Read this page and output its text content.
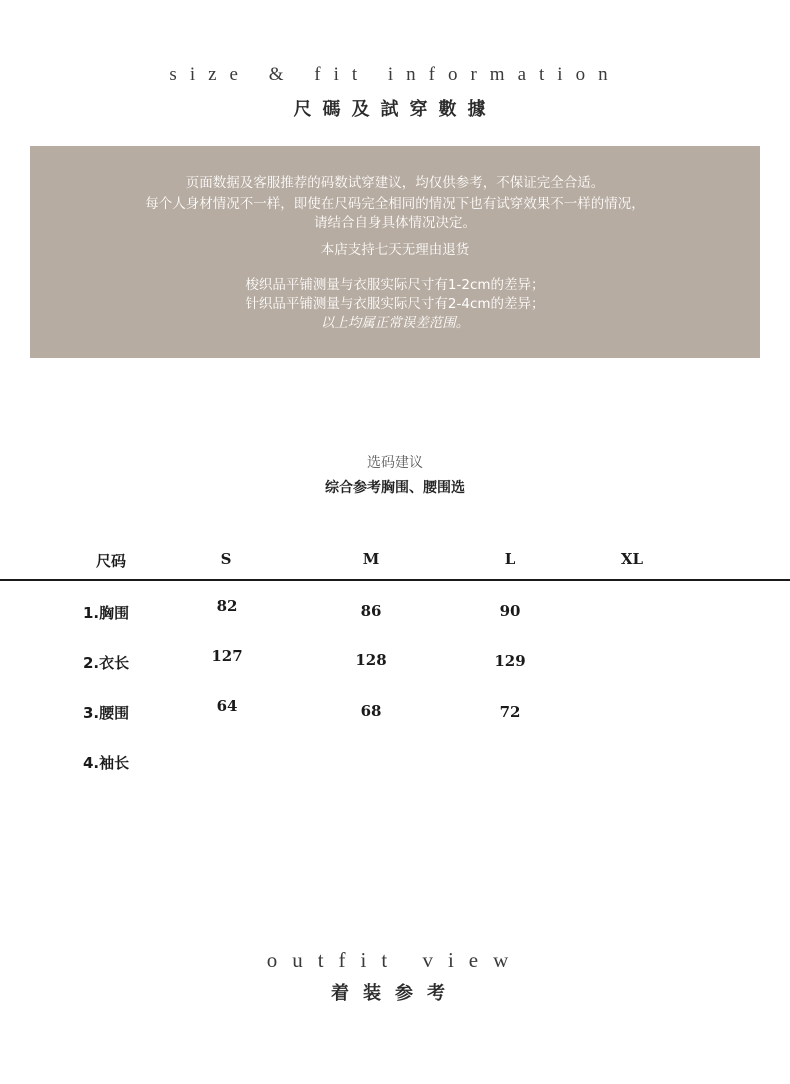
size & fit information
尺碼及試穿數據
页面数据及客服推荐的码数试穿建议，均仅供参考，不保证完全合适。
每个人身材情况不一样，即使在尺码完全相同的情况下也有试穿效果不一样的情况，
请结合自身具体情况决定。
本店支持七天无理由退货
梭织品平铺测量与衣服实际尺寸有1-2cm的差异；
针织品平铺测量与衣服实际尺寸有2-4cm的差异；
以上均属正常误差范围。
选码建议
综合参考胸围、腰围选
尺码	S	M	L	XL
1.胸围	82	86	90
2.衣长	127	128	129
3.腰围	64	68	72
4.袖长
outfit view
着装参考
